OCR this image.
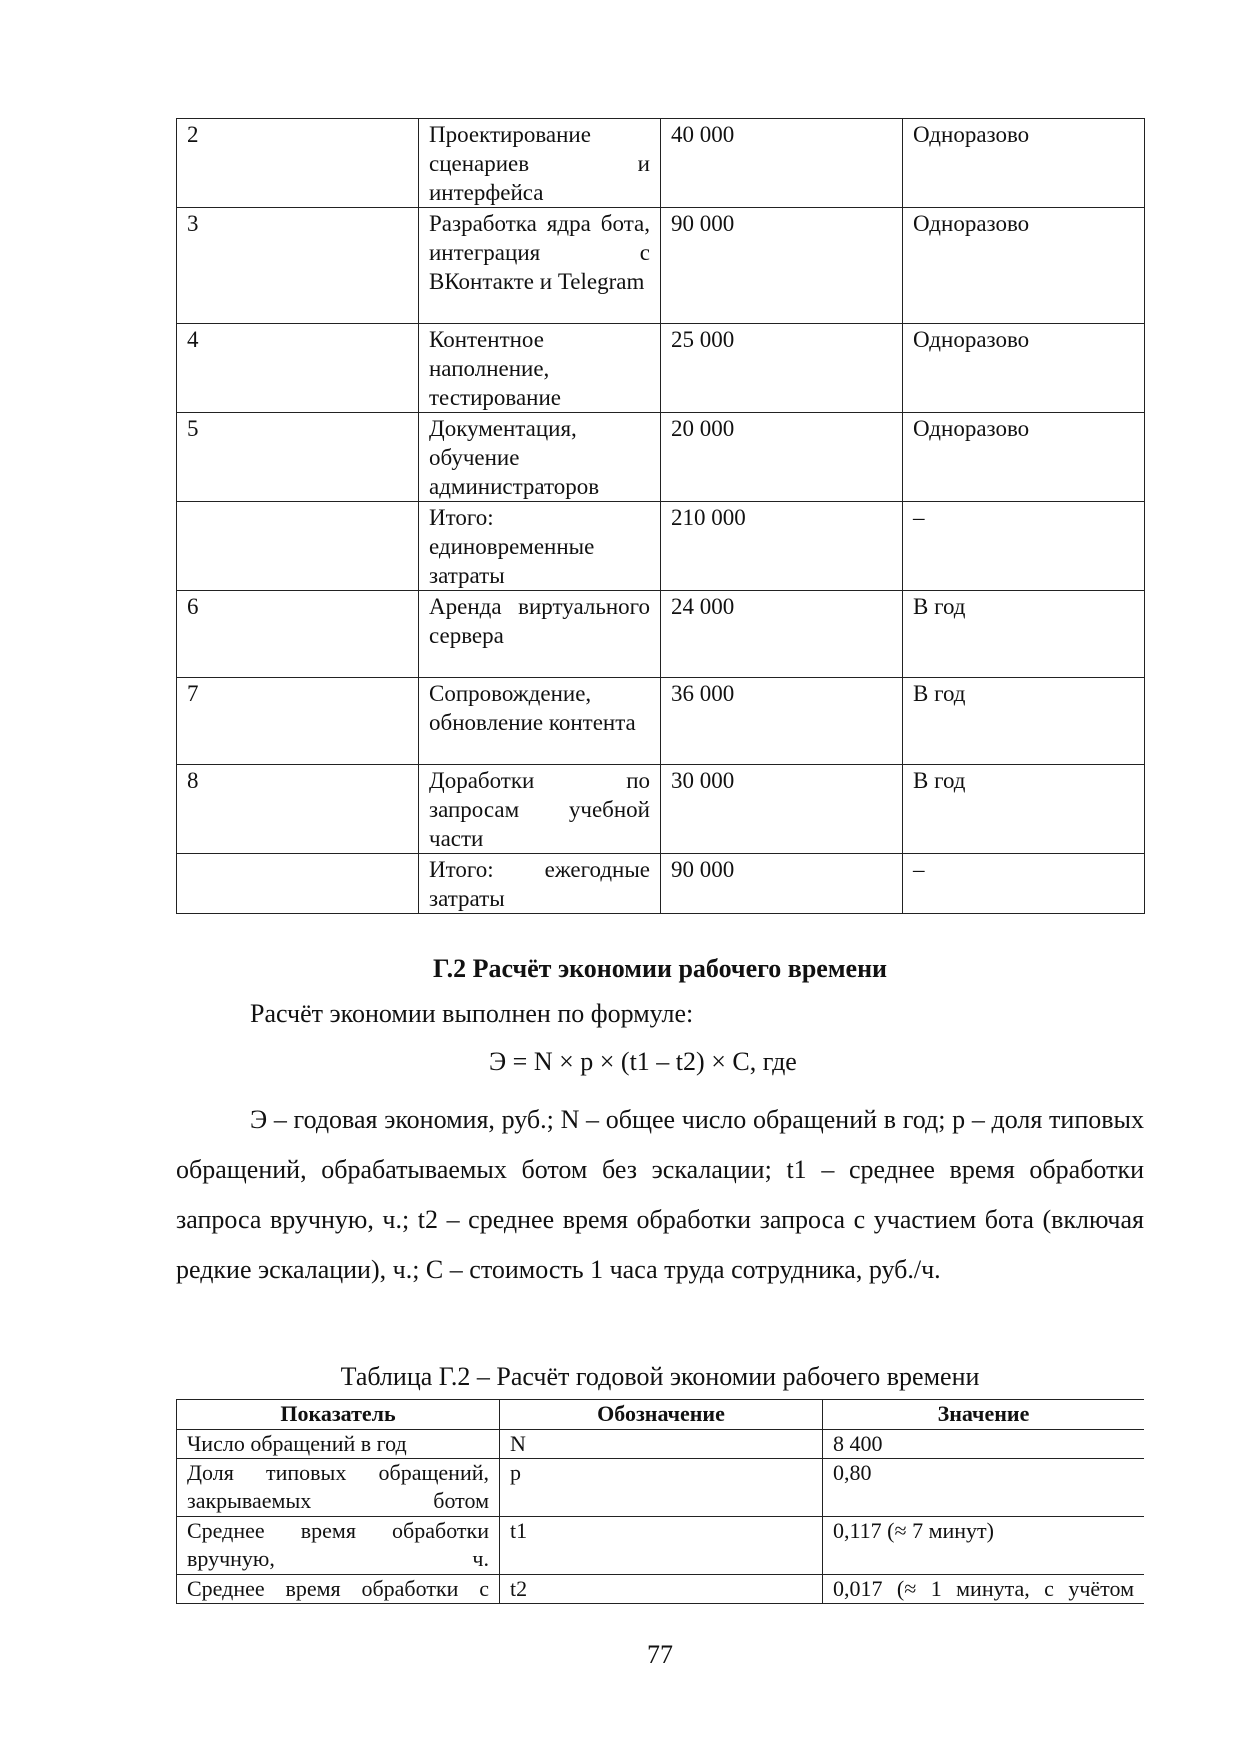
2	Проектирование сценариев и интерфейса	40 000	Одноразово
3	Разработка ядра бота, интеграция с ВКонтакте и Telegram	90 000	Одноразово
4	Контентное наполнение, тестирование	25 000	Одноразово
5	Документация, обучение администраторов	20 000	Одноразово
	Итого: единовременные затраты	210 000	–
6	Аренда виртуального сервера	24 000	В год
7	Сопровождение, обновление контента	36 000	В год
8	Доработки по запросам учебной части	30 000	В год
	Итого: ежегодные затраты	90 000	–
Г.2 Расчёт экономии рабочего времени
Расчёт экономии выполнен по формуле:
Э = N × p × (t1 – t2) × C, где

Э – годовая экономия, руб.; N – общее число обращений в год; p – доля типовых обращений, обрабатываемых ботом без эскалации; t1 – среднее время обработки запроса вручную, ч.; t2 – среднее время обработки запроса с участием бота (включая редкие эскалации), ч.; C – стоимость 1 часа труда сотрудника, руб./ч.

Таблица Г.2 – Расчёт годовой экономии рабочего времени
Показатель	Обозначение	Значение
Число обращений в год	N	8 400
Доля типовых обращений, закрываемых ботом	p	0,80
Среднее время обработки вручную, ч.	t1	0,117 (≈ 7 минут)
Среднее время обработки с	t2	0,017 (≈ 1 минута, с учётом
77
